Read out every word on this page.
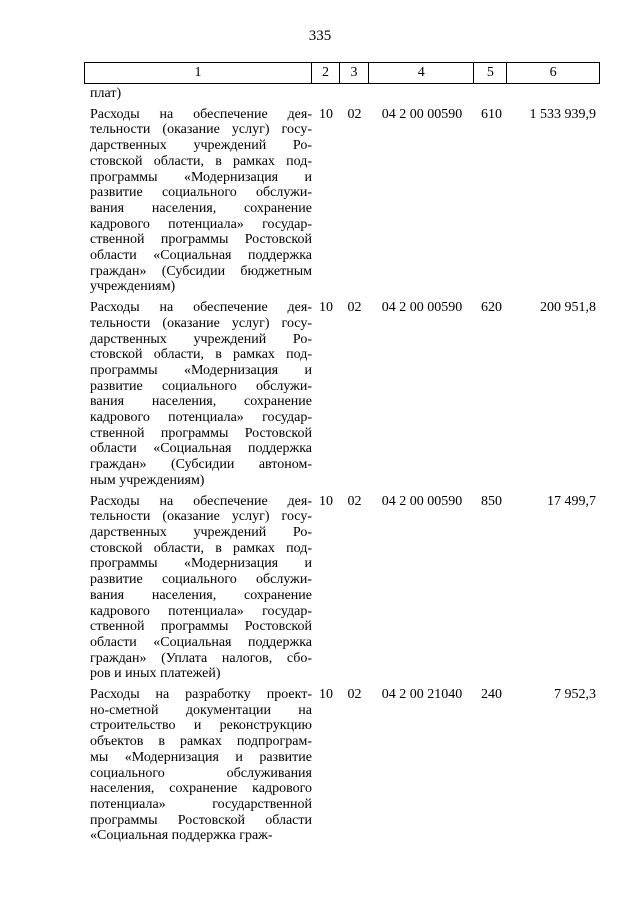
335
1	2	3	4	5	6
плат)
Расходы на обеспечение дея-
тельности (оказание услуг) госу-
дарственных учреждений Ро-
стовской области, в рамках под-
программы «Модернизация и
развитие социального обслужи-
вания населения, сохранение
кадрового потенциала» государ-
ственной программы Ростовской
области «Социальная поддержка
граждан» (Субсидии бюджетным
учреждениям)
10	02	04 2 00 00590	610	1 533 939,9
Расходы на обеспечение дея-
тельности (оказание услуг) госу-
дарственных учреждений Ро-
стовской области, в рамках под-
программы «Модернизация и
развитие социального обслужи-
вания населения, сохранение
кадрового потенциала» государ-
ственной программы Ростовской
области «Социальная поддержка
граждан» (Субсидии автоном-
ным учреждениям)
10	02	04 2 00 00590	620	200 951,8
Расходы на обеспечение дея-
тельности (оказание услуг) госу-
дарственных учреждений Ро-
стовской области, в рамках под-
программы «Модернизация и
развитие социального обслужи-
вания населения, сохранение
кадрового потенциала» государ-
ственной программы Ростовской
области «Социальная поддержка
граждан» (Уплата налогов, сбо-
ров и иных платежей)
10	02	04 2 00 00590	850	17 499,7
Расходы на разработку проект-
но-сметной документации на
строительство и реконструкцию
объектов в рамках подпрограм-
мы «Модернизация и развитие
социального обслуживания
населения, сохранение кадрового
потенциала» государственной
программы Ростовской области
«Социальная поддержка граж-
10	02	04 2 00 21040	240	7 952,3
